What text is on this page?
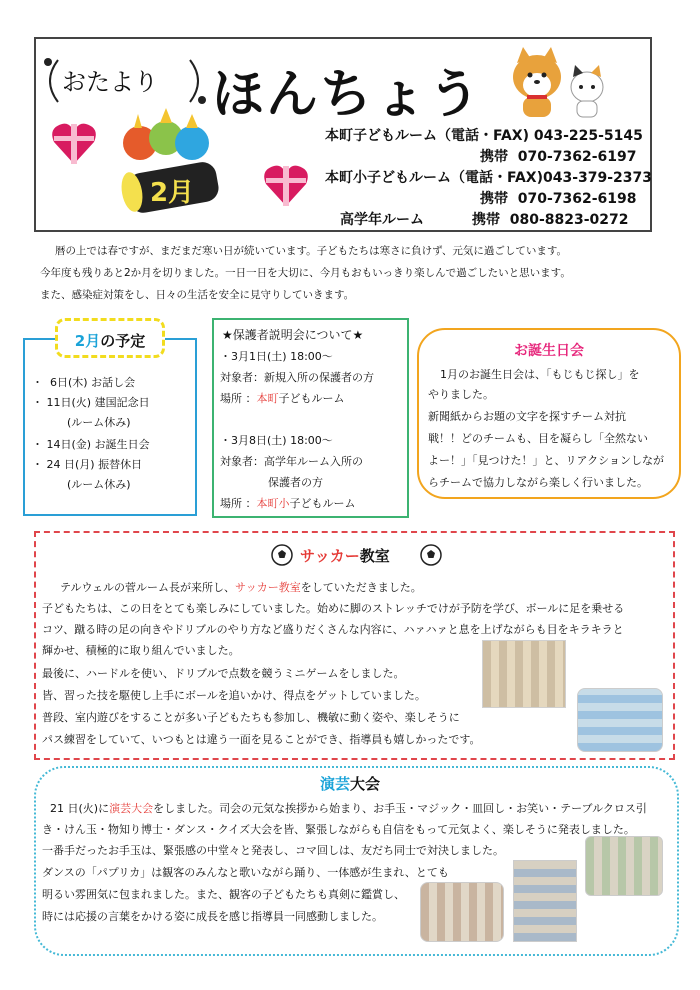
おたより ほんちょう
2月
本町子どもルーム（電話・FAX) 043-225-5145
携帯 070-7362-6197
本町小子どもルーム（電話・FAX)043-379-2373
携帯 070-7362-6198
高学年ルーム	携帯 080-8823-0272
暦の上では春ですが、まだまだ寒い日が続いています。子どもたちは寒さに負けず、元気に過ごしています。
今年度も残りあと2か月を切りました。一日一日を大切に、今月もおもいっきり楽しんで過ごしたいと思います。
また、感染症対策をし、日々の生活を安全に見守りしていきます。
2月の予定
・  6日(木) お話し会
・ 11日(火) 建国記念日
(ルーム休み)
・ 14日(金) お誕生日会
・ 24 日(月) 振替休日
(ルーム休み)
★保護者説明会について★
・3月1日(土) 18:00～
対象者：新規入所の保護者の方
場所 ：本町子どもルーム
・3月8日(土) 18:00～
対象者：高学年ルーム入所の
保護者の方
場所 ：本町小子どもルーム
お誕生日会
1月のお誕生日会は、「もじもじ探し」を
やりました。
新聞紙からお題の文字を探すチーム対抗
戦！！どのチームも、目を凝らし「全然ない
よー！」「見つけた！」と、リアクションしなが
らチームで協力しながら楽しく行いました。
サッカー教室
テルウェルの菅ルーム長が来所し、サッカー教室をしていただきました。
子どもたちは、この日をとても楽しみにしていました。始めに脚のストレッチでけが予防を学び、ボールに足を乗せる
コツ、蹴る時の足の向きやドリブルのやり方など盛りだくさんな内容に、ハァハァと息を上げながらも目をキラキラと
輝かせ、積極的に取り組んでいました。
最後に、ハードルを使い、ドリブルで点数を競うミニゲームをしました。
皆、習った技を駆使し上手にボールを追いかけ、得点をゲットしていました。
普段、室内遊びをすることが多い子どもたちも参加し、機敏に動く姿や、楽しそうに
パス練習をしていて、いつもとは違う一面を見ることができ、指導員も嬉しかったです。
演芸大会
21 日(火)に演芸大会をしました。司会の元気な挨拶から始まり、お手玉・マジック・皿回し・お笑い・テーブルクロス引
き・けん玉・物知り博士・ダンス・クイズ大会を皆、緊張しながらも自信をもって元気よく、楽しそうに発表しました。
一番手だったお手玉は、緊張感の中堂々と発表し、コマ回しは、友だち同士で対決しました。
ダンスの「パプリカ」は観客のみんなと歌いながら踊り、一体感が生まれ、とても
明るい雰囲気に包まれました。また、観客の子どもたちも真剣に鑑賞し、
時には応援の言葉をかける姿に成長を感じ指導員一同感動しました。
